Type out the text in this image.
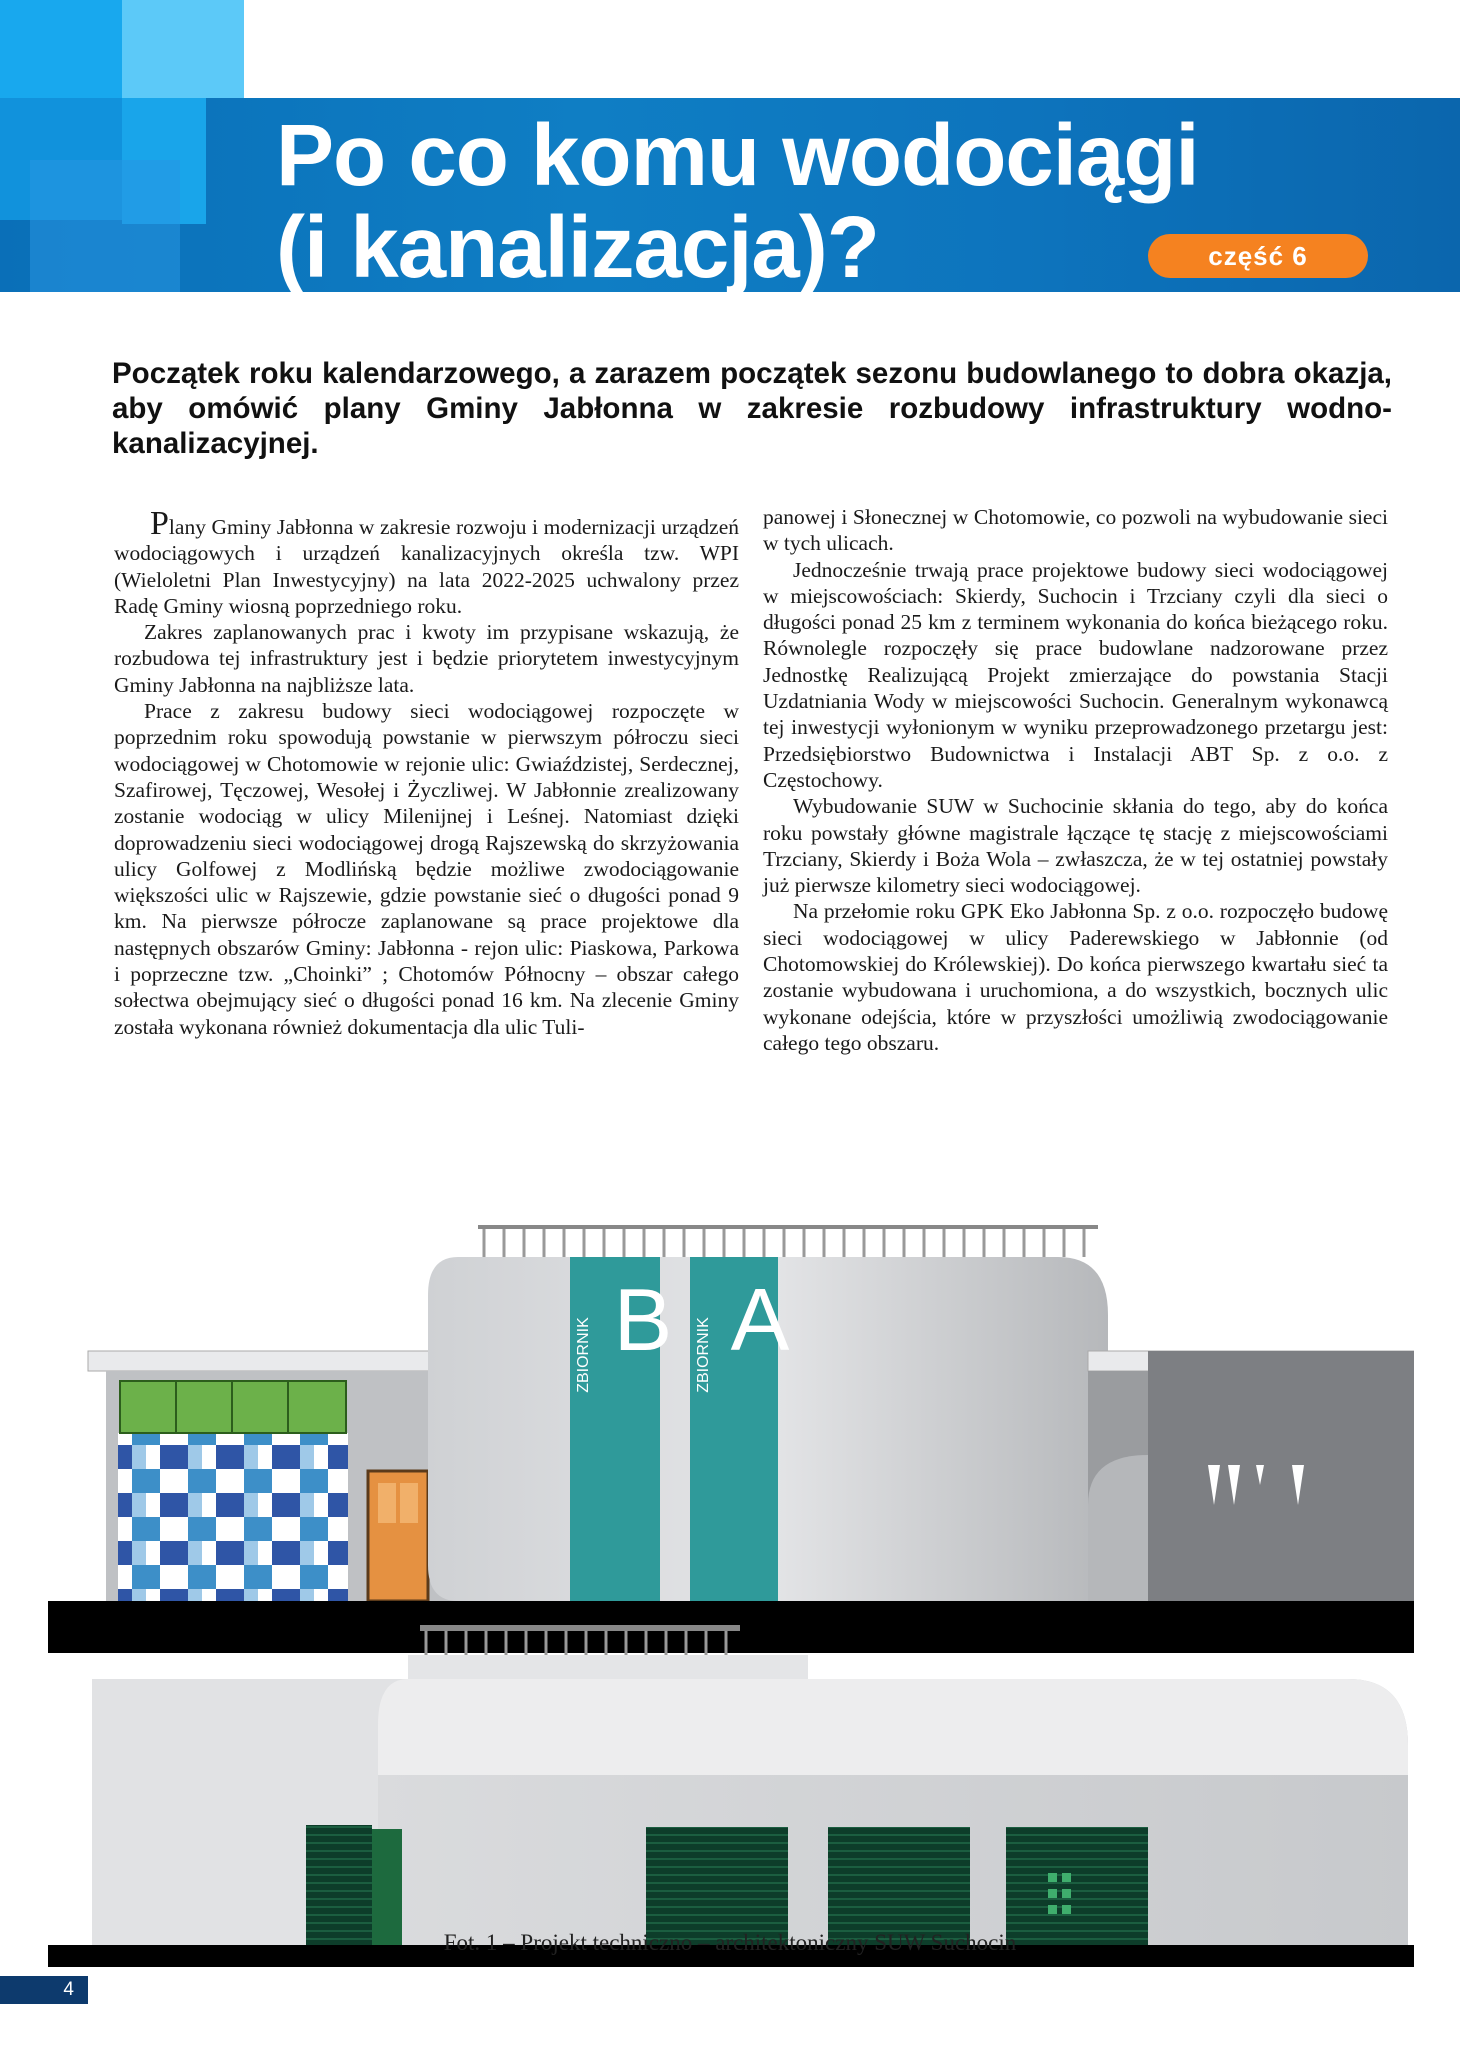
Po co komu wodociągi
(i kanalizacja)?	część 6

Początek roku kalendarzowego, a zarazem początek sezonu budowlanego to dobra okazja, aby omówić plany Gminy Jabłonna w zakresie rozbudowy infrastruktury wodno-kanalizacyjnej.

Plany Gminy Jabłonna w zakresie rozwoju i modernizacji urządzeń wodociągowych i urządzeń kanalizacyjnych określa tzw. WPI (Wieloletni Plan Inwestycyjny) na lata 2022-2025 uchwalony przez Radę Gminy wiosną poprzedniego roku.

Zakres zaplanowanych prac i kwoty im przypisane wskazują, że rozbudowa tej infrastruktury jest i będzie priorytetem inwestycyjnym Gminy Jabłonna na najbliższe lata.

Prace z zakresu budowy sieci wodociągowej rozpoczęte w poprzednim roku spowodują powstanie w pierwszym półroczu sieci wodociągowej w Chotomowie w rejonie ulic: Gwiaździstej, Serdecznej, Szafirowej, Tęczowej, Wesołej i Życzliwej. W Jabłonnie zrealizowany zostanie wodociąg w ulicy Milenijnej i Leśnej. Natomiast dzięki doprowadzeniu sieci wodociągowej drogą Rajszewską do skrzyżowania ulicy Golfowej z Modlińską będzie możliwe zwodociągowanie większości ulic w Rajszewie, gdzie powstanie sieć o długości ponad 9 km. Na pierwsze półrocze zaplanowane są prace projektowe dla następnych obszarów Gminy: Jabłonna - rejon ulic: Piaskowa, Parkowa i poprzeczne tzw. „Choinki” ; Chotomów Północny – obszar całego sołectwa obejmujący sieć o długości ponad 16 km. Na zlecenie Gminy została wykonana również dokumentacja dla ulic Tuli-

panowej i Słonecznej w Chotomowie, co pozwoli na wybudowanie sieci w tych ulicach.

Jednocześnie trwają prace projektowe budowy sieci wodociągowej w miejscowościach: Skierdy, Suchocin i Trzciany czyli dla sieci o długości ponad 25 km z terminem wykonania do końca bieżącego roku. Równolegle rozpoczęły się prace budowlane nadzorowane przez Jednostkę Realizującą Projekt zmierzające do powstania Stacji Uzdatniania Wody w miejscowości Suchocin. Generalnym wykonawcą tej inwestycji wyłonionym w wyniku przeprowadzonego przetargu jest: Przedsiębiorstwo Budownictwa i Instalacji ABT Sp. z o.o. z Częstochowy.

Wybudowanie SUW w Suchocinie skłania do tego, aby do końca roku powstały główne magistrale łączące tę stację z miejscowościami Trzciany, Skierdy i Boża Wola – zwłaszcza, że w tej ostatniej powstały już pierwsze kilometry sieci wodociągowej.

Na przełomie roku GPK Eko Jabłonna Sp. z o.o. rozpoczęło budowę sieci wodociągowej w ulicy Paderewskiego w Jabłonnie (od Chotomowskiej do Królewskiej). Do końca pierwszego kwartału sieć ta zostanie wybudowana i uruchomiona, a do wszystkich, bocznych ulic wykonane odejścia, które w przyszłości umożliwią zwodociągowanie całego tego obszaru.

ZBIORNIK B ZBIORNIK A

Fot. 1 – Projekt techniczno – architektoniczny SUW Suchocin

4
